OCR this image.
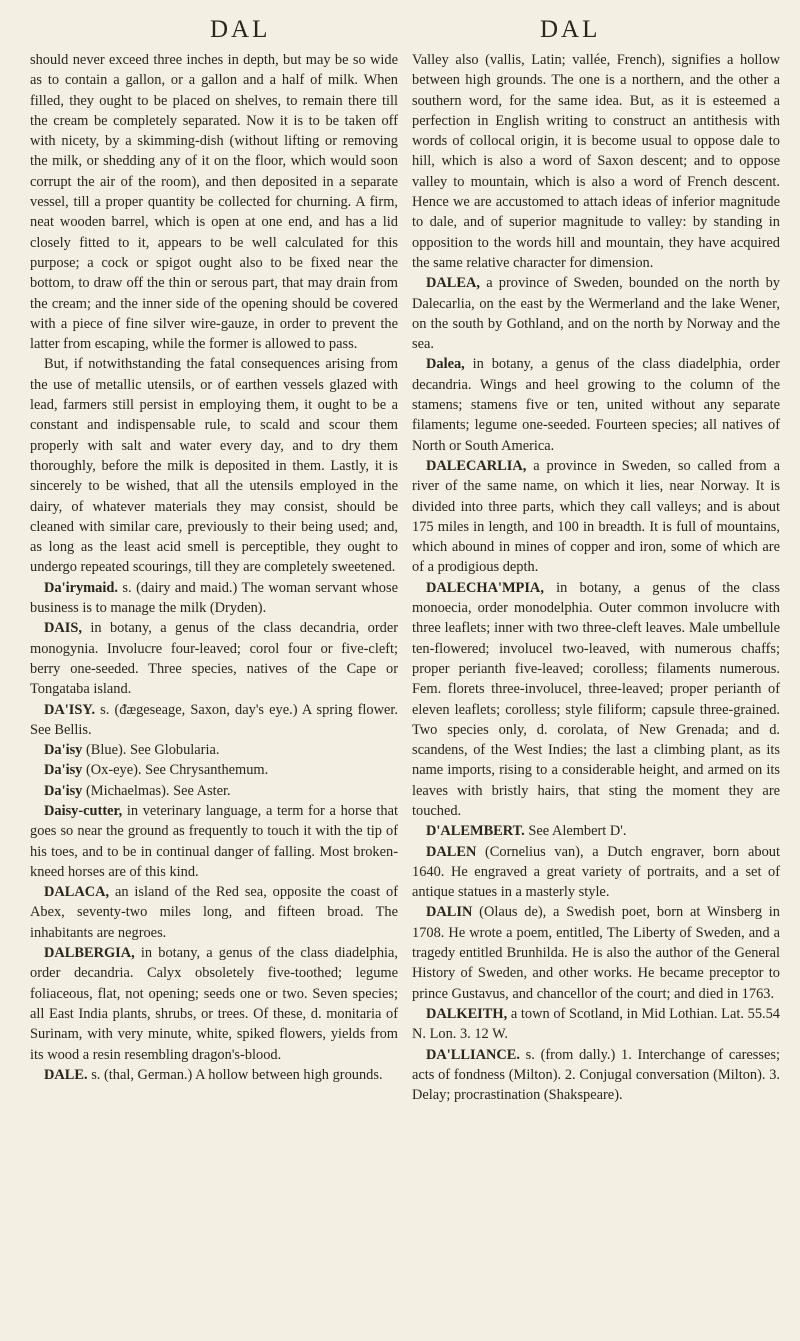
DAL	DAL

should never exceed three inches in depth, but may be so wide as to contain a gallon, or a gallon and a half of milk. When filled, they ought to be placed on shelves, to remain there till the cream be completely separated. Now it is to be taken off with nicety, by a skimming-dish (without lifting or removing the milk, or shedding any of it on the floor, which would soon corrupt the air of the room), and then deposited in a separate vessel, till a proper quantity be collected for churning. A firm, neat wooden barrel, which is open at one end, and has a lid closely fitted to it, appears to be well calculated for this purpose; a cock or spigot ought also to be fixed near the bottom, to draw off the thin or serous part, that may drain from the cream; and the inner side of the opening should be covered with a piece of fine silver wire-gauze, in order to prevent the latter from escaping, while the former is allowed to pass.

But, if notwithstanding the fatal consequences arising from the use of metallic utensils, or of earthen vessels glazed with lead, farmers still persist in employing them, it ought to be a constant and indispensable rule, to scald and scour them properly with salt and water every day, and to dry them thoroughly, before the milk is deposited in them. Lastly, it is sincerely to be wished, that all the utensils employed in the dairy, of whatever materials they may consist, should be cleaned with similar care, previously to their being used; and, as long as the least acid smell is perceptible, they ought to undergo repeated scourings, till they are completely sweetened.

Da'irymaid. s. (dairy and maid.) The woman servant whose business is to manage the milk (Dryden).

DAIS, in botany, a genus of the class decandria, order monogynia. Involucre four-leaved; corol four or five-cleft; berry one-seeded. Three species, natives of the Cape or Tongataba island.

DA'ISY. s. (ᵭægeseage, Saxon, day's eye.) A spring flower. See Bellis.

Da'isy (Blue). See Globularia.

Da'isy (Ox-eye). See Chrysanthemum.

Da'isy (Michaelmas). See Aster.

Daisy-cutter, in veterinary language, a term for a horse that goes so near the ground as frequently to touch it with the tip of his toes, and to be in continual danger of falling. Most broken-kneed horses are of this kind.

DALACA, an island of the Red sea, opposite the coast of Abex, seventy-two miles long, and fifteen broad. The inhabitants are negroes.

DALBERGIA, in botany, a genus of the class diadelphia, order decandria. Calyx obsoletely five-toothed; legume foliaceous, flat, not opening; seeds one or two. Seven species; all East India plants, shrubs, or trees. Of these, d. monitaria of Surinam, with very minute, white, spiked flowers, yields from its wood a resin resembling dragon's-blood.

DALE. s. (thal, German.) A hollow between high grounds.

Valley also (vallis, Latin; vallée, French), signifies a hollow between high grounds. The one is a northern, and the other a southern word, for the same idea. But, as it is esteemed a perfection in English writing to construct an antithesis with words of collocal origin, it is become usual to oppose dale to hill, which is also a word of Saxon descent; and to oppose valley to mountain, which is also a word of French descent. Hence we are accustomed to attach ideas of inferior magnitude to dale, and of superior magnitude to valley: by standing in opposition to the words hill and mountain, they have acquired the same relative character for dimension.

DALEA, a province of Sweden, bounded on the north by Dalecarlia, on the east by the Wermerland and the lake Wener, on the south by Gothland, and on the north by Norway and the sea.

Dalea, in botany, a genus of the class diadelphia, order decandria. Wings and heel growing to the column of the stamens; stamens five or ten, united without any separate filaments; legume one-seeded. Fourteen species; all natives of North or South America.

DALECARLIA, a province in Sweden, so called from a river of the same name, on which it lies, near Norway. It is divided into three parts, which they call valleys; and is about 175 miles in length, and 100 in breadth. It is full of mountains, which abound in mines of copper and iron, some of which are of a prodigious depth.

DALECHA'MPIA, in botany, a genus of the class monoecia, order monodelphia. Outer common involucre with three leaflets; inner with two three-cleft leaves. Male umbellule ten-flowered; involucel two-leaved, with numerous chaffs; proper perianth five-leaved; corolless; filaments numerous. Fem. florets three-involucel, three-leaved; proper perianth of eleven leaflets; corolless; style filiform; capsule three-grained. Two species only, d. corolata, of New Grenada; and d. scandens, of the West Indies; the last a climbing plant, as its name imports, rising to a considerable height, and armed on its leaves with bristly hairs, that sting the moment they are touched.

D'ALEMBERT. See Alembert D'.

DALEN (Cornelius van), a Dutch engraver, born about 1640. He engraved a great variety of portraits, and a set of antique statues in a masterly style.

DALIN (Olaus de), a Swedish poet, born at Winsberg in 1708. He wrote a poem, entitled, The Liberty of Sweden, and a tragedy entitled Brunhilda. He is also the author of the General History of Sweden, and other works. He became preceptor to prince Gustavus, and chancellor of the court; and died in 1763.

DALKEITH, a town of Scotland, in Mid Lothian. Lat. 55.54 N. Lon. 3. 12 W.

DA'LLIANCE. s. (from dally.) 1. Interchange of caresses; acts of fondness (Milton). 2. Conjugal conversation (Milton). 3. Delay; procrastination (Shakspeare).
